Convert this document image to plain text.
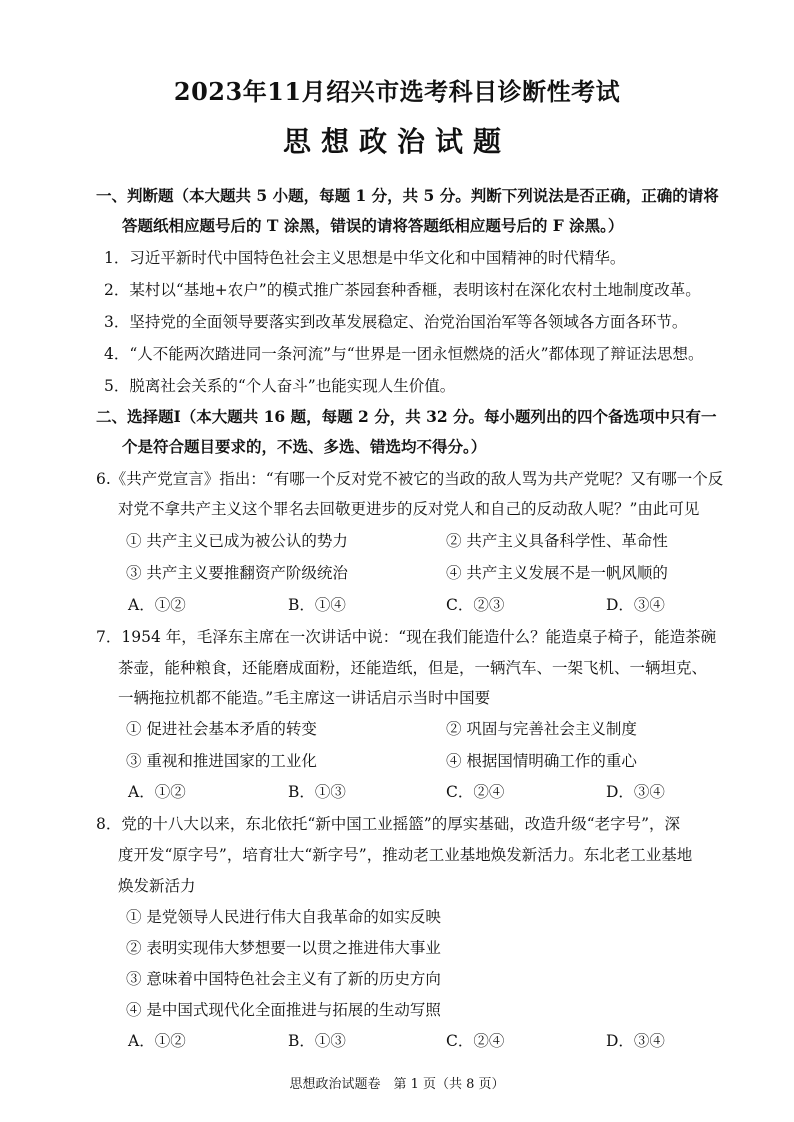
2023年11月绍兴市选考科目诊断性考试
思想政治试题
一、判断题（本大题共 5 小题，每题 1 分，共 5 分。判断下列说法是否正确，正确的请将
答题纸相应题号后的 T 涂黑，错误的请将答题纸相应题号后的 F 涂黑。）
1．习近平新时代中国特色社会主义思想是中华文化和中国精神的时代精华。
2．某村以“基地+农户”的模式推广茶园套种香榧，表明该村在深化农村土地制度改革。
3．坚持党的全面领导要落实到改革发展稳定、治党治国治军等各领域各方面各环节。
4．“人不能两次踏进同一条河流”与“世界是一团永恒燃烧的活火”都体现了辩证法思想。
5．脱离社会关系的“个人奋斗”也能实现人生价值。
二、选择题Ⅰ（本大题共 16 题，每题 2 分，共 32 分。每小题列出的四个备选项中只有一
个是符合题目要求的，不选、多选、错选均不得分。）
6.《共产党宣言》指出：“有哪一个反对党不被它的当政的敌人骂为共产党呢？又有哪一个反
对党不拿共产主义这个罪名去回敬更进步的反对党人和自己的反动敌人呢？”由此可见
① 共产主义已成为被公认的势力	② 共产主义具备科学性、革命性
③ 共产主义要推翻资产阶级统治	④ 共产主义发展不是一帆风顺的
A．①②	B．①④	C．②③	D．③④
7．1954 年，毛泽东主席在一次讲话中说：“现在我们能造什么？能造桌子椅子，能造茶碗
茶壶，能种粮食，还能磨成面粉，还能造纸，但是，一辆汽车、一架飞机、一辆坦克、
一辆拖拉机都不能造。”毛主席这一讲话启示当时中国要
① 促进社会基本矛盾的转变	② 巩固与完善社会主义制度
③ 重视和推进国家的工业化	④ 根据国情明确工作的重心
A．①②	B．①③	C．②④	D．③④
8．党的十八大以来，东北依托“新中国工业摇篮”的厚实基础，改造升级“老字号”，深
度开发“原字号”，培育壮大“新字号”，推动老工业基地焕发新活力。东北老工业基地
焕发新活力
① 是党领导人民进行伟大自我革命的如实反映
② 表明实现伟大梦想要一以贯之推进伟大事业
③ 意味着中国特色社会主义有了新的历史方向
④ 是中国式现代化全面推进与拓展的生动写照
A．①②	B．①③	C．②④	D．③④
思想政治试题卷　第 1 页（共 8 页）
